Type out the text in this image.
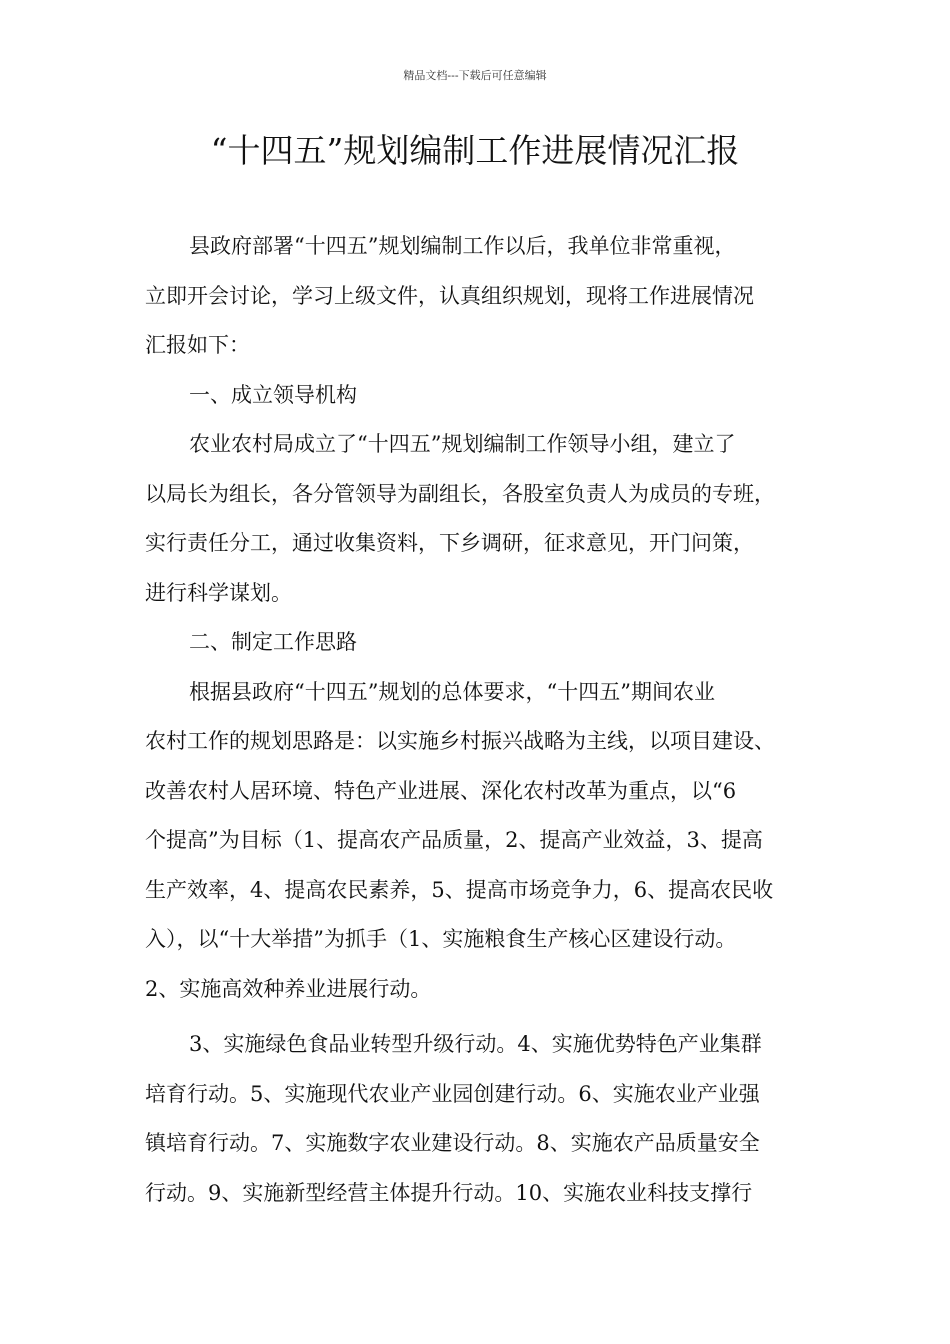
精品文档---下载后可任意编辑
“十四五”规划编制工作进展情况汇报

县政府部署“十四五”规划编制工作以后，我单位非常重视，
立即开会讨论，学习上级文件，认真组织规划，现将工作进展情况
汇报如下：

一、成立领导机构

农业农村局成立了“十四五”规划编制工作领导小组，建立了
以局长为组长，各分管领导为副组长，各股室负责人为成员的专班，
实行责任分工，通过收集资料，下乡调研，征求意见，开门问策，
进行科学谋划。

二、制定工作思路

根据县政府“十四五”规划的总体要求，“十四五”期间农业
农村工作的规划思路是：以实施乡村振兴战略为主线，以项目建设、
改善农村人居环境、特色产业进展、深化农村改革为重点，以“6
个提高”为目标（1、提高农产品质量，2、提高产业效益，3、提高
生产效率，4、提高农民素养，5、提高市场竞争力，6、提高农民收
入），以“十大举措”为抓手（1、实施粮食生产核心区建设行动。
2、实施高效种养业进展行动。

3、实施绿色食品业转型升级行动。4、实施优势特色产业集群
培育行动。5、实施现代农业产业园创建行动。6、实施农业产业强
镇培育行动。7、实施数字农业建设行动。8、实施农产品质量安全
行动。9、实施新型经营主体提升行动。10、实施农业科技支撑行
